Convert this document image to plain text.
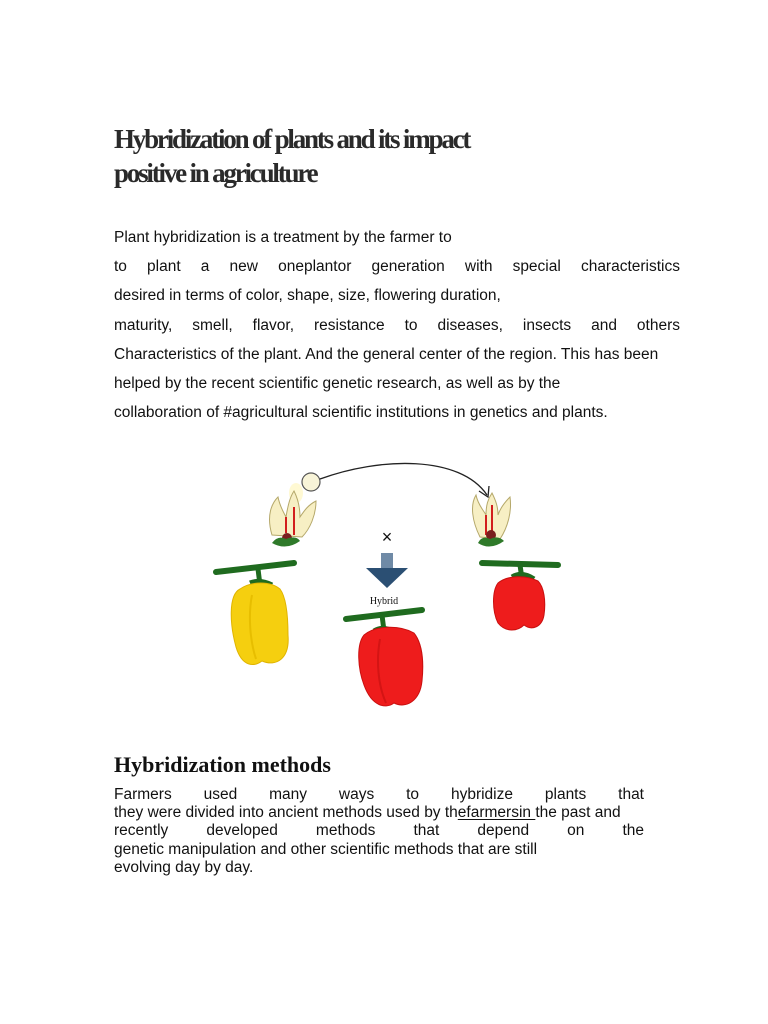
Hybridization of plants and its impact positive in agriculture
Plant hybridization is a treatment by the farmer to
to plant a new oneplantor generation with special characteristics
desired in terms of color, shape, size, flowering duration,
maturity, smell, flavor, resistance to diseases, insects and others
Characteristics of the plant. And the general center of the region. This has been
helped by the recent scientific genetic research, as well as by the
collaboration of #agricultural scientific institutions in genetics and plants.
×
Hybrid
Hybridization methods
Farmers used many ways to hybridize plants that
they were divided into ancient methods used by thefarmersin the past and
recently developed methods that depend on the
genetic manipulation and other scientific methods that are still
evolving day by day.
